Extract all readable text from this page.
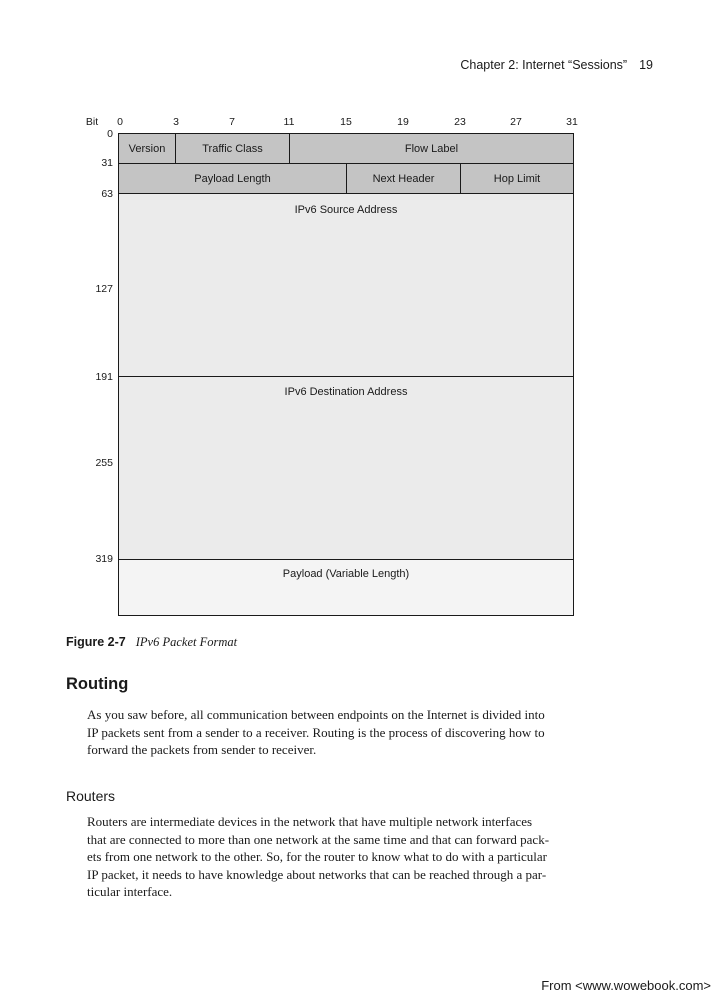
Chapter 2: Internet “Sessions” 19
Bit	0	3	7	11	15	19	23	27	31
0
31
63
127
191
255
319
Version	Traffic Class	Flow Label
Payload Length	Next Header	Hop Limit
IPv6 Source Address
IPv6 Destination Address
Payload (Variable Length)
Figure 2-7 IPv6 Packet Format
Routing

As you saw before, all communication between endpoints on the Internet is divided into
IP packets sent from a sender to a receiver. Routing is the process of discovering how to
forward the packets from sender to receiver.

Routers

Routers are intermediate devices in the network that have multiple network interfaces
that are connected to more than one network at the same time and that can forward pack-
ets from one network to the other. So, for the router to know what to do with a particular
IP packet, it needs to have knowledge about networks that can be reached through a par-
ticular interface.

From <www.wowebook.com>
